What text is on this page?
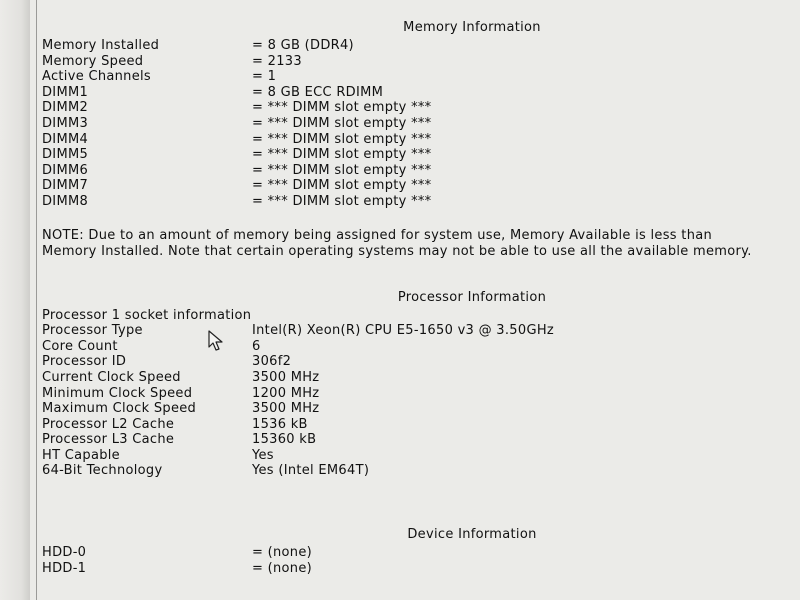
Memory Information
Memory Installed	= 8 GB (DDR4)
Memory Speed	= 2133
Active Channels	= 1
DIMM1	= 8 GB ECC RDIMM
DIMM2	= *** DIMM slot empty ***
DIMM3	= *** DIMM slot empty ***
DIMM4	= *** DIMM slot empty ***
DIMM5	= *** DIMM slot empty ***
DIMM6	= *** DIMM slot empty ***
DIMM7	= *** DIMM slot empty ***
DIMM8	= *** DIMM slot empty ***
NOTE: Due to an amount of memory being assigned for system use, Memory Available is less than Memory Installed. Note that certain operating systems may not be able to use all the available memory.
Processor Information
Processor 1 socket information
Processor Type	Intel(R) Xeon(R) CPU E5-1650 v3 @ 3.50GHz
Core Count	6
Processor ID	306f2
Current Clock Speed	3500 MHz
Minimum Clock Speed	1200 MHz
Maximum Clock Speed	3500 MHz
Processor L2 Cache	1536 kB
Processor L3 Cache	15360 kB
HT Capable	Yes
64-Bit Technology	Yes (Intel EM64T)
Device Information
HDD-0	= (none)
HDD-1	= (none)
